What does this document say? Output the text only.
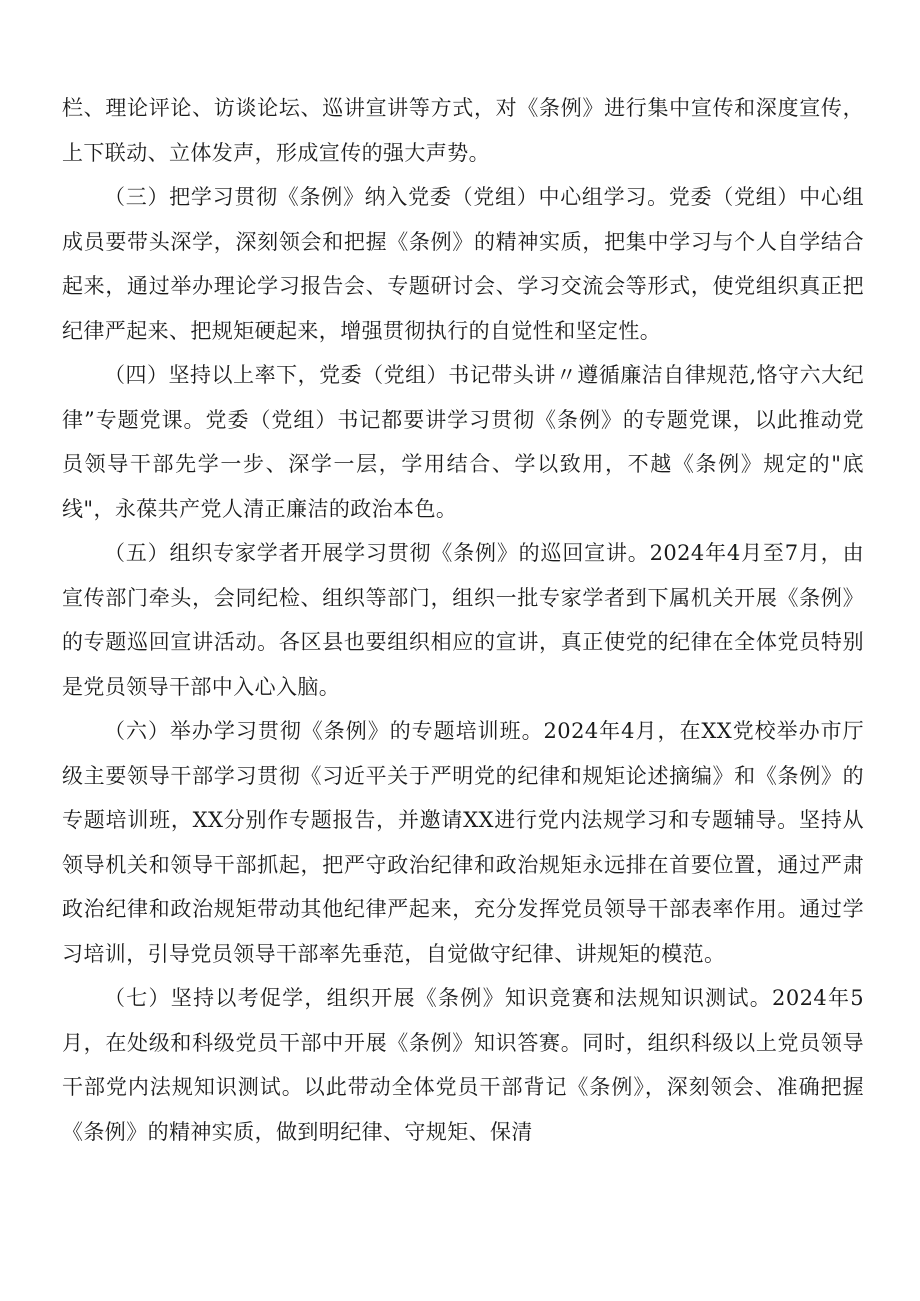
栏、理论评论、访谈论坛、巡讲宣讲等方式，对《条例》进行集中宣传和深度宣传，上下联动、立体发声，形成宣传的强大声势。

（三）把学习贯彻《条例》纳入党委（党组）中心组学习。党委（党组）中心组成员要带头深学，深刻领会和把握《条例》的精神实质，把集中学习与个人自学结合起来，通过举办理论学习报告会、专题研讨会、学习交流会等形式，使党组织真正把纪律严起来、把规矩硬起来，增强贯彻执行的自觉性和坚定性。

（四）坚持以上率下，党委（党组）书记带头讲〃遵循廉洁自律规范,恪守六大纪律”专题党课。党委（党组）书记都要讲学习贯彻《条例》的专题党课，以此推动党员领导干部先学一步、深学一层，学用结合、学以致用，不越《条例》规定的"底线"，永葆共产党人清正廉洁的政治本色。

（五）组织专家学者开展学习贯彻《条例》的巡回宣讲。2024年4月至7月，由宣传部门牵头，会同纪检、组织等部门，组织一批专家学者到下属机关开展《条例》的专题巡回宣讲活动。各区县也要组织相应的宣讲，真正使党的纪律在全体党员特别是党员领导干部中入心入脑。

（六）举办学习贯彻《条例》的专题培训班。2024年4月，在XX党校举办市厅级主要领导干部学习贯彻《习近平关于严明党的纪律和规矩论述摘编》和《条例》的专题培训班，XX分别作专题报告，并邀请XX进行党内法规学习和专题辅导。坚持从领导机关和领导干部抓起，把严守政治纪律和政治规矩永远排在首要位置，通过严肃政治纪律和政治规矩带动其他纪律严起来，充分发挥党员领导干部表率作用。通过学习培训，引导党员领导干部率先垂范，自觉做守纪律、讲规矩的模范。

（七）坚持以考促学，组织开展《条例》知识竞赛和法规知识测试。2024年5月，在处级和科级党员干部中开展《条例》知识答赛。同时，组织科级以上党员领导干部党内法规知识测试。以此带动全体党员干部背记《条例》，深刻领会、准确把握《条例》的精神实质，做到明纪律、守规矩、保清
